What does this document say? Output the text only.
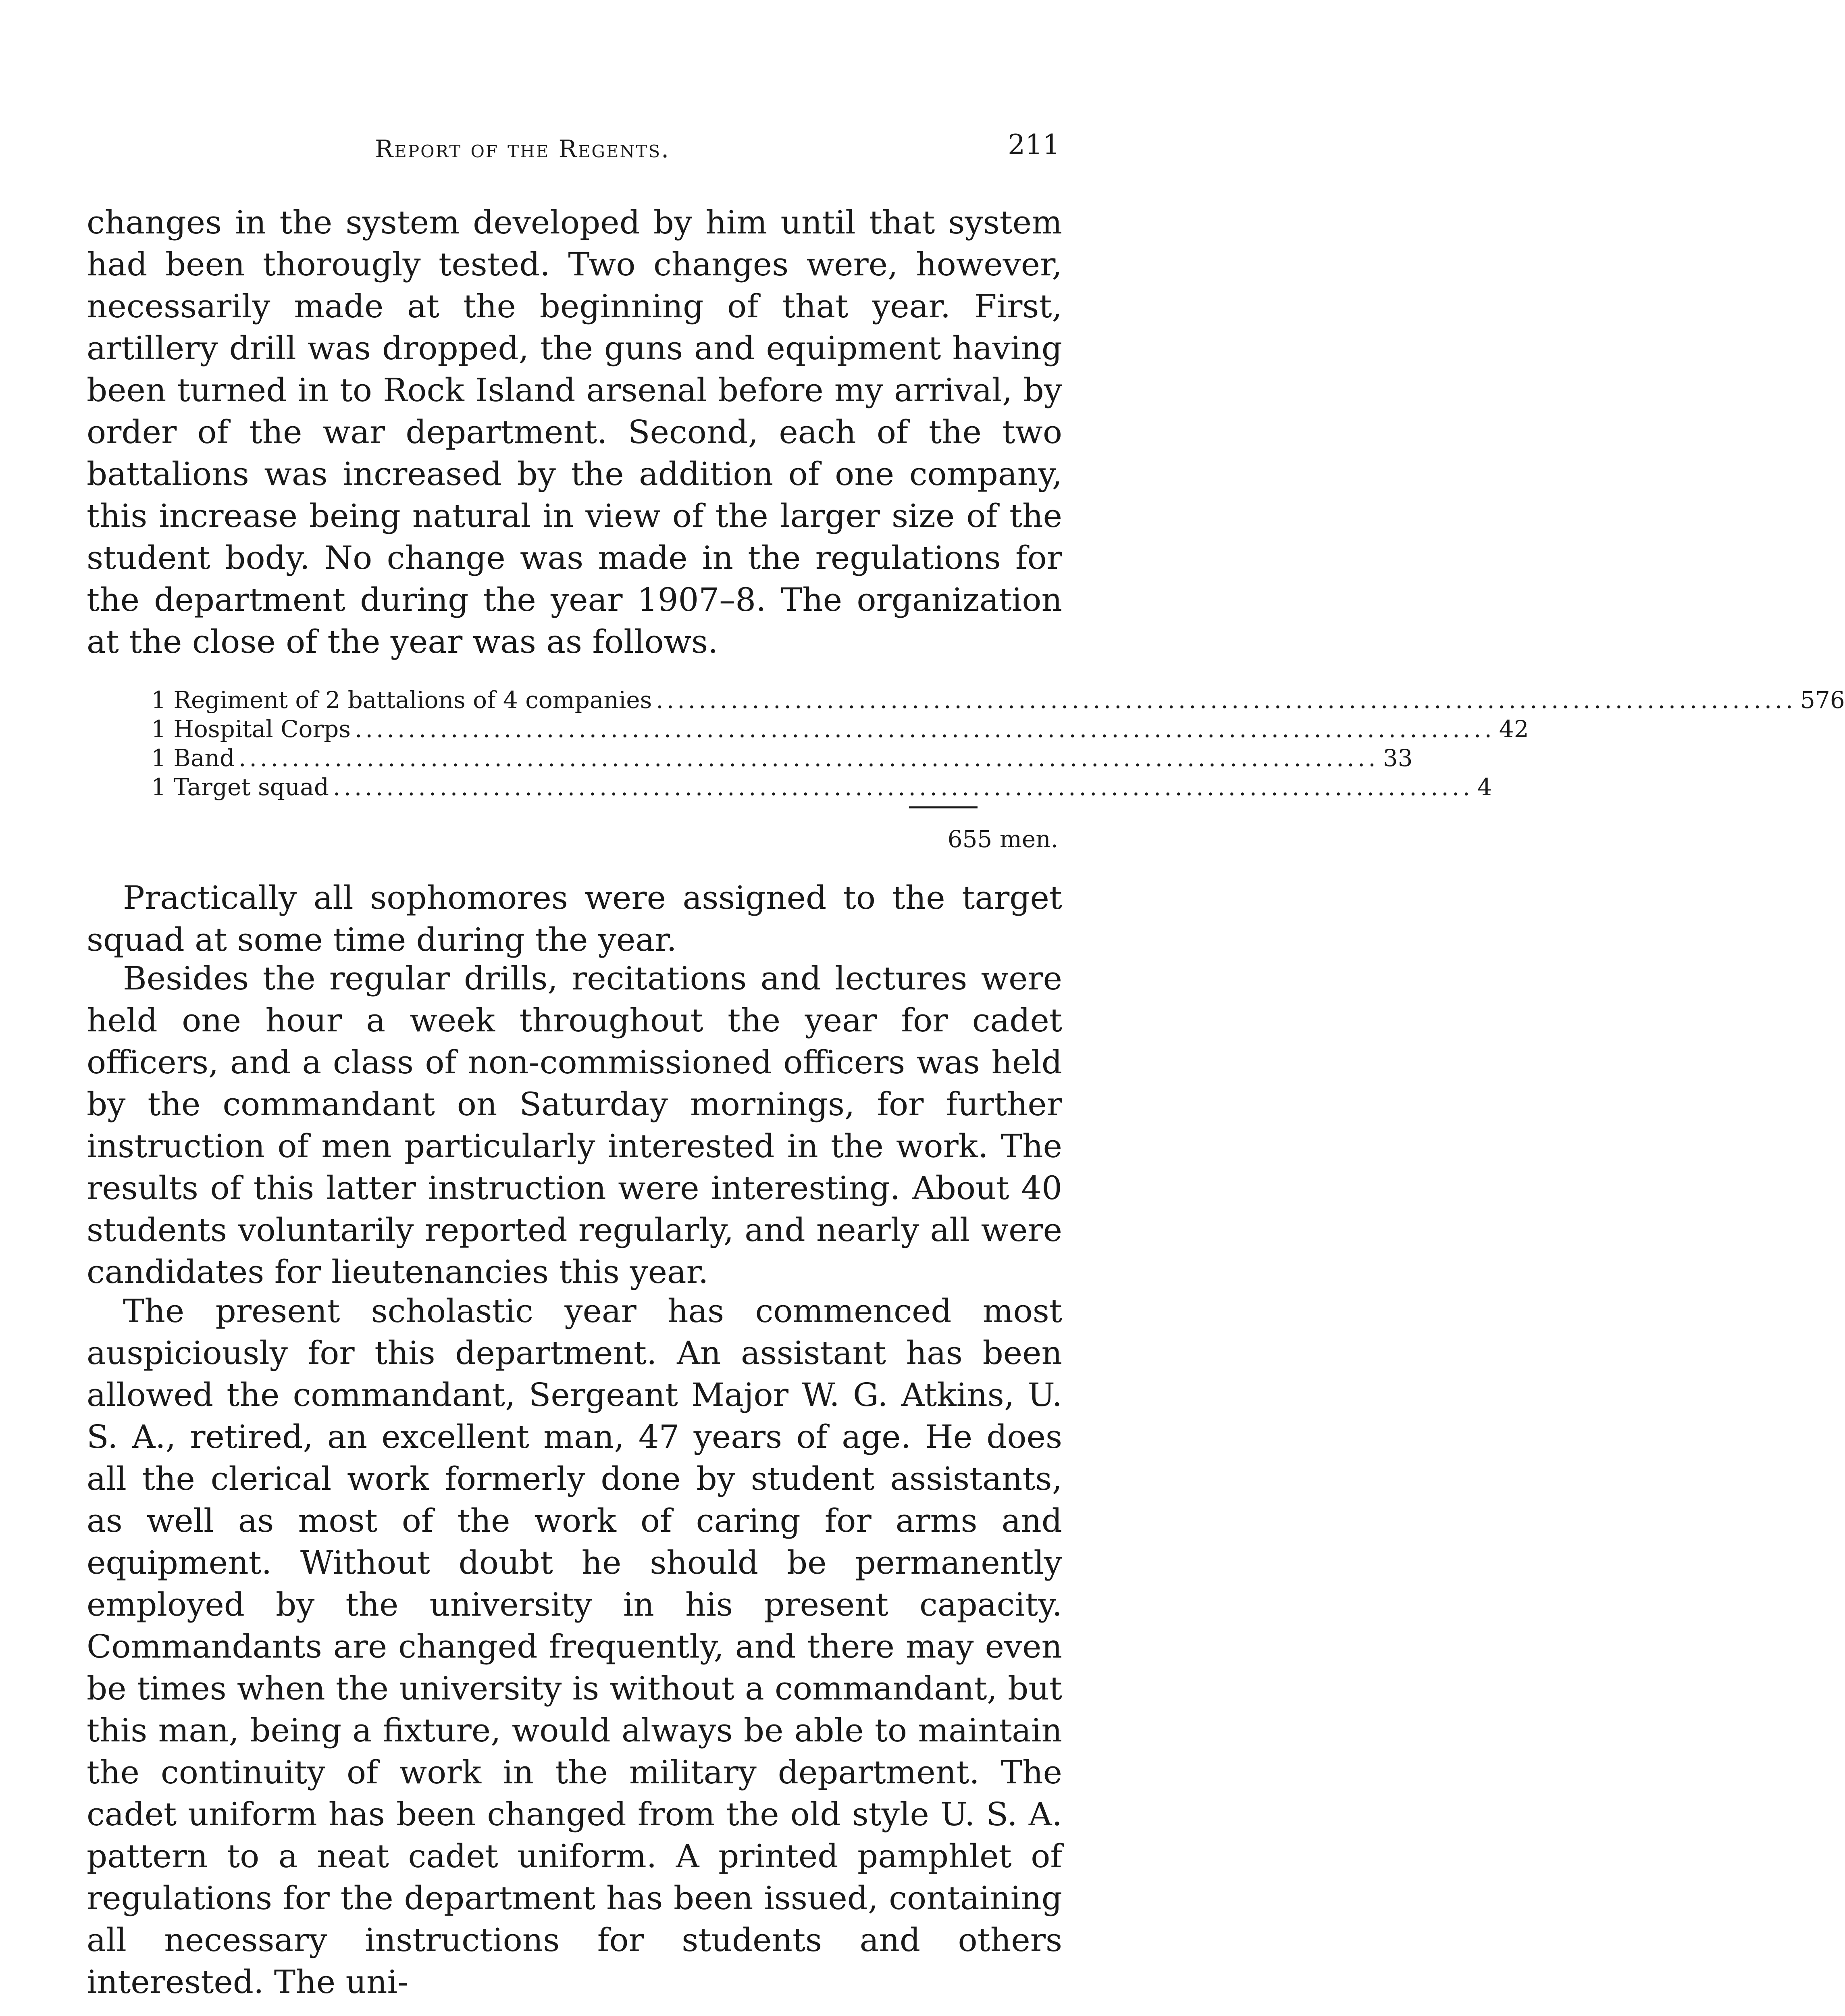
Report of the Regents.	211

changes in the system developed by him until that system had been thorougly tested. Two changes were, however, necessarily made at the beginning of that year. First, artillery drill was dropped, the guns and equipment having been turned in to Rock Island arsenal before my arrival, by order of the war department. Second, each of the two battalions was increased by the addition of one company, this increase being natural in view of the larger size of the student body. No change was made in the regulations for the department during the year 1907–8. The organization at the close of the year was as follows.

1 Regiment of 2 battalions of 4 companies ........................................................................................................... 576
1 Hospital Corps ........................................................................................................... 42
1 Band ........................................................................................................... 33
1 Target squad ........................................................................................................... 4
655 men.

Practically all sophomores were assigned to the target squad at some time during the year.

Besides the regular drills, recitations and lectures were held one hour a week throughout the year for cadet officers, and a class of non-commissioned officers was held by the commandant on Saturday mornings, for further instruction of men particularly interested in the work. The results of this latter instruction were interesting. About 40 students voluntarily reported regularly, and nearly all were candidates for lieutenancies this year.

The present scholastic year has commenced most auspiciously for this department. An assistant has been allowed the commandant, Sergeant Major W. G. Atkins, U. S. A., retired, an excellent man, 47 years of age. He does all the clerical work formerly done by student assistants, as well as most of the work of caring for arms and equipment. Without doubt he should be permanently employed by the university in his present capacity. Commandants are changed frequently, and there may even be times when the university is without a commandant, but this man, being a fixture, would always be able to maintain the continuity of work in the military department. The cadet uniform has been changed from the old style U. S. A. pattern to a neat cadet uniform. A printed pamphlet of regulations for the department has been issued, containing all necessary instructions for students and others interested. The uni-
